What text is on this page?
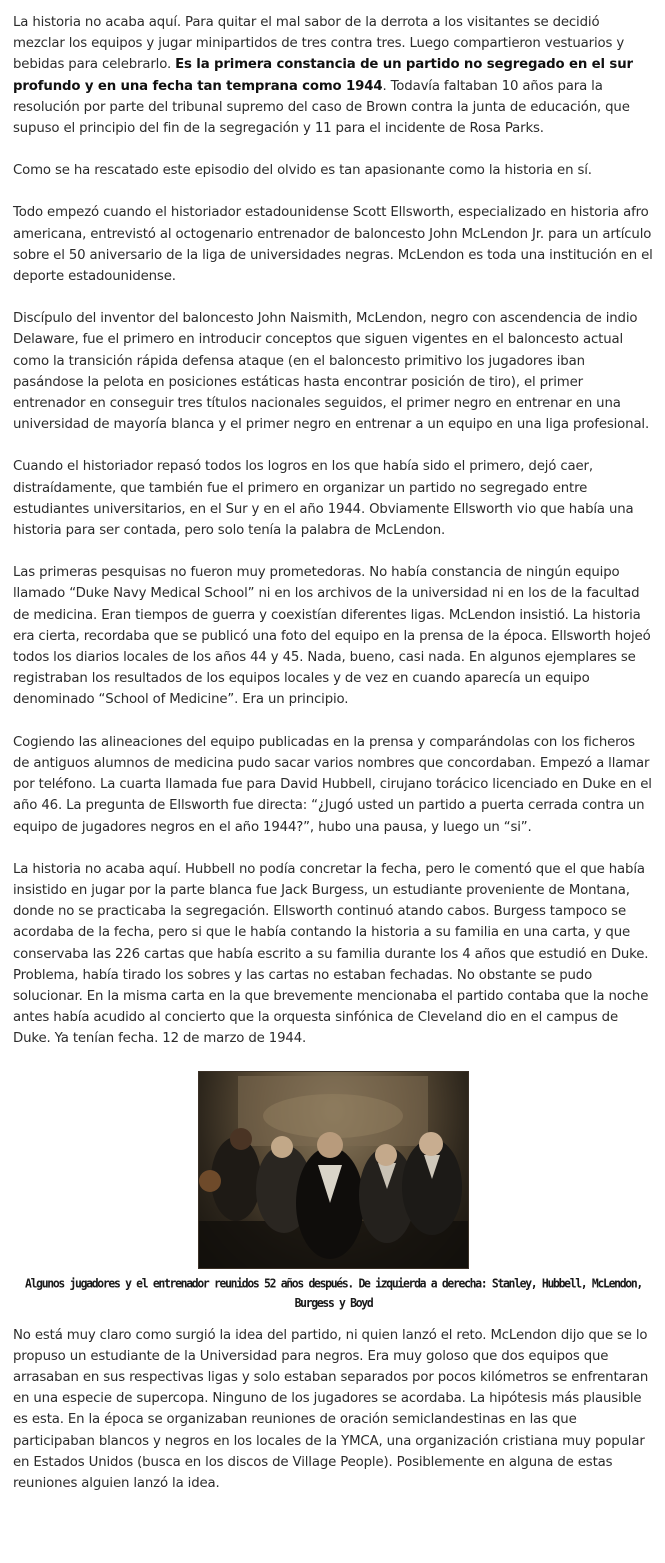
La historia no acaba aquí. Para quitar el mal sabor de la derrota a los visitantes se decidió mezclar los equipos y jugar minipartidos de tres contra tres. Luego compartieron vestuarios y bebidas para celebrarlo. Es la primera constancia de un partido no segregado en el sur profundo y en una fecha tan temprana como 1944. Todavía faltaban 10 años para la resolución por parte del tribunal supremo del caso de Brown contra la junta de educación, que supuso el principio del fin de la segregación y 11 para el incidente de Rosa Parks.

Como se ha rescatado este episodio del olvido es tan apasionante como la historia en sí.

Todo empezó cuando el historiador estadounidense Scott Ellsworth, especializado en historia afro americana, entrevistó al octogenario entrenador de baloncesto John McLendon Jr. para un artículo sobre el 50 aniversario de la liga de universidades negras. McLendon es toda una institución en el deporte estadounidense.

Discípulo del inventor del baloncesto John Naismith, McLendon, negro con ascendencia de indio Delaware, fue el primero en introducir conceptos que siguen vigentes en el baloncesto actual como la transición rápida defensa ataque (en el baloncesto primitivo los jugadores iban pasándose la pelota en posiciones estáticas hasta encontrar posición de tiro), el primer entrenador en conseguir tres títulos nacionales seguidos, el primer negro en entrenar en una universidad de mayoría blanca y el primer negro en entrenar a un equipo en una liga profesional.

Cuando el historiador repasó todos los logros en los que había sido el primero, dejó caer, distraídamente, que también fue el primero en organizar un partido no segregado entre estudiantes universitarios, en el Sur y en el año 1944. Obviamente Ellsworth vio que había una historia para ser contada, pero solo tenía la palabra de McLendon.

Las primeras pesquisas no fueron muy prometedoras. No había constancia de ningún equipo llamado “Duke Navy Medical School” ni en los archivos de la universidad ni en los de la facultad de medicina. Eran tiempos de guerra y coexistían diferentes ligas. McLendon insistió. La historia era cierta, recordaba que se publicó una foto del equipo en la prensa de la época. Ellsworth hojeó todos los diarios locales de los años 44 y 45. Nada, bueno, casi nada. En algunos ejemplares se registraban los resultados de los equipos locales y de vez en cuando aparecía un equipo denominado “School of Medicine”. Era un principio.

Cogiendo las alineaciones del equipo publicadas en la prensa y comparándolas con los ficheros de antiguos alumnos de medicina pudo sacar varios nombres que concordaban. Empezó a llamar por teléfono. La cuarta llamada fue para David Hubbell, cirujano torácico licenciado en Duke en el año 46. La pregunta de Ellsworth fue directa: “¿Jugó usted un partido a puerta cerrada contra un equipo de jugadores negros en el año 1944?”, hubo una pausa, y luego un “si”.

La historia no acaba aquí. Hubbell no podía concretar la fecha, pero le comentó que el que había insistido en jugar por la parte blanca fue Jack Burgess, un estudiante proveniente de Montana, donde no se practicaba la segregación. Ellsworth continuó atando cabos. Burgess tampoco se acordaba de la fecha, pero si que le había contando la historia a su familia en una carta, y que conservaba las 226 cartas que había escrito a su familia durante los 4 años que estudió en Duke. Problema, había tirado los sobres y las cartas no estaban fechadas. No obstante se pudo solucionar. En la misma carta en la que brevemente mencionaba el partido contaba que la noche antes había acudido al concierto que la orquesta sinfónica de Cleveland dio en el campus de Duke. Ya tenían fecha. 12 de marzo de 1944.

Algunos jugadores y el entrenador reunidos 52 años después. De izquierda a derecha: Stanley, Hubbell, McLendon, Burgess y Boyd

No está muy claro como surgió la idea del partido, ni quien lanzó el reto. McLendon dijo que se lo propuso un estudiante de la Universidad para negros. Era muy goloso que dos equipos que arrasaban en sus respectivas ligas y solo estaban separados por pocos kilómetros se enfrentaran en una especie de supercopa. Ninguno de los jugadores se acordaba. La hipótesis más plausible es esta. En la época se organizaban reuniones de oración semiclandestinas en las que participaban blancos y negros en los locales de la YMCA, una organización cristiana muy popular en Estados Unidos (busca en los discos de Village People). Posiblemente en alguna de estas reuniones alguien lanzó la idea.
